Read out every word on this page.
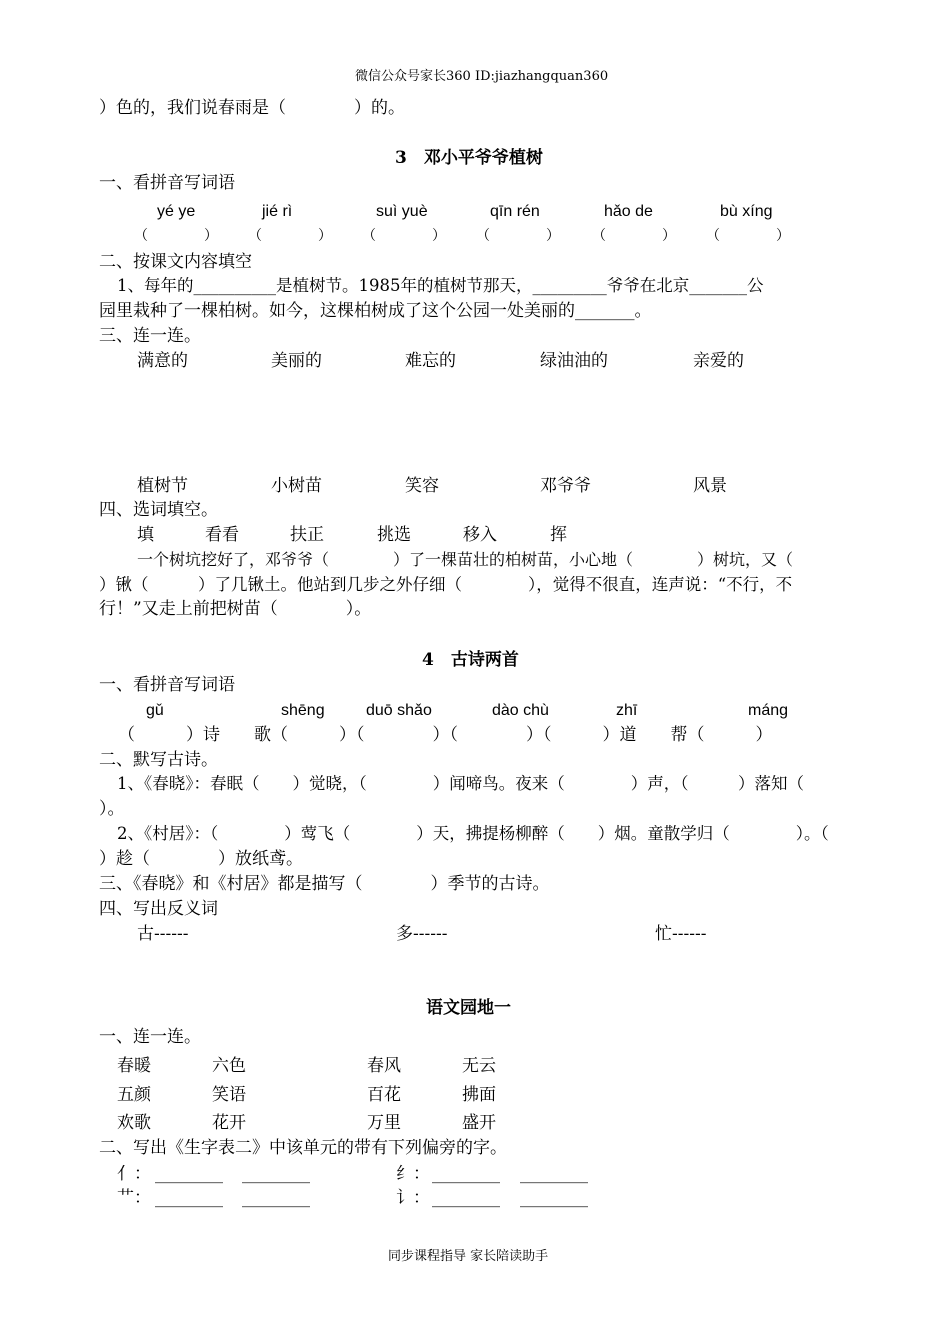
微信公众号家长360 ID:jiazhangquan360
同步课程指导 家长陪读助手
）色的，我们说春雨是（　　　　）的。
3　邓小平爷爷植树
一、看拼音写词语
yé ye	jié rì	suì yuè	qīn rén	hǎo de	bù xíng
（　　　　） （　　　　） （　　　　） （　　　　） （　　　　） （　　　　）
二、按课文内容填空
1、每年的__________是植树节。1985年的植树节那天，_________爷爷在北京_______公
园里栽种了一棵柏树。如今，这棵柏树成了这个公园一处美丽的_______。
三、连一连。
满意的	美丽的	难忘的	绿油油的	亲爱的
植树节	小树苗	笑容	邓爷爷	风景
四、选词填空。
填	看看	扶正	挑选	移入	挥
一个树坑挖好了，邓爷爷（　　　　）了一棵苗壮的柏树苗，小心地（　　　　）树坑，又（
）锹（　　　）了几锹土。他站到几步之外仔细（　　　　），觉得不很直，连声说：“不行，不
行！”又走上前把树苗（　　　　）。
4　古诗两首
一、看拼音写词语
gǔ	shēng	duō shǎo	dào chù	zhī	máng
（　　　）诗　　歌（　　　）（　　　　）（　　　　）（　　　）道　　帮（　　　）
二、默写古诗。
1、《春晓》：春眠（　　）觉晓，（　　　　）闻啼鸟。夜来（　　　　）声，（　　　）落知（
）。
2、《村居》：（　　　　）莺飞（　　　　）天，拂提杨柳醉（　　）烟。童散学归（　　　　）。（
）趁（　　　　）放纸鸢。
三、《春晓》和《村居》都是描写（　　　　）季节的古诗。
四、写出反义词
古------	多------	忙------
语文园地一
一、连一连。
春暖	六色	春风	无云
五颜	笑语	百花	拂面
欢歌	花开	万里	盛开
二、写出《生字表二》中该单元的带有下列偏旁的字。
亻： ________ ________	纟： ________ ________
艹： ________ ________	讠： ________ ________
